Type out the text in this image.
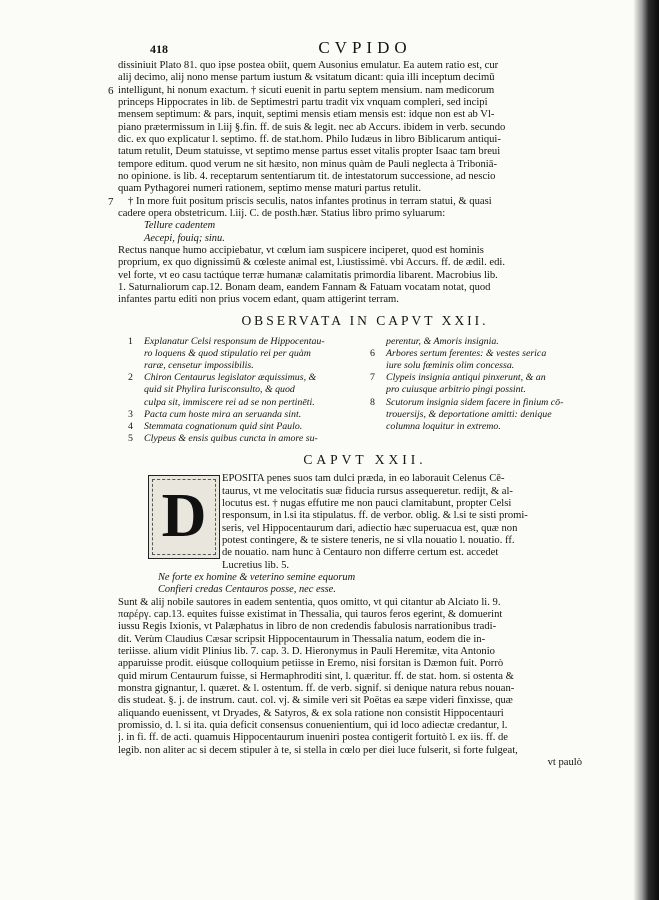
418	CVPIDO
6
dissiniuit Plato 81. quo ipse postea obiit, quem Ausonius emulatur. Ea autem ratio est, cur
alij decimo, alij nono mense partum iustum & vsitatum dicant: quia illi inceptum decimū
intelligunt, hi nonum exactum. † sicuti euenit in partu septem mensium. nam medicorum
princeps Hippocrates in lib. de Septimestri partu tradit vix vnquam compleri, sed incipi
mensem septimum: & pars, inquit, septimi mensis etiam mensis est: idque non est ab Vl-
piano prætermissum in l.iij §.fin. ff. de suis & legit. nec ab Accurs. ibidem in verb. secundo
dic. ex quo explicatur l. septimo. ff. de stat.hom. Philo Iudæus in libro Biblicarum antiqui-
tatum retulit, Deum statuisse, vt septimo mense partus esset vitalis propter Isaac tam breui
tempore editum. quod verum ne sit hæsito, non minus quàm de Pauli neglecta à Triboniā-
no opinione. is lib. 4. receptarum sententiarum tit. de intestatorum successione, ad nescio
quam Pythagorei numeri rationem, septimo mense maturi partus retulit.
7	† In more fuit positum priscis seculis, natos infantes protinus in terram statui, & quasi
cadere opera obstetricum. l.iij. C. de posth.hær. Statius libro primo syluarum:
Tellure cadentem
Aecepi, fouiq; sinu.
Rectus nanque humo accipiebatur, vt cœlum iam suspicere inciperet, quod est hominis
proprium, ex quo dignissimū & cœleste animal est, l.iustissimè. vbi Accurs. ff. de ædil. edi.
vel forte, vt eo casu tactúque terræ humanæ calamitatis primordia libarent. Macrobius lib.
1. Saturnaliorum cap.12. Bonam deam, eandem Fannam & Fatuam vocatam notat, quod
infantes partu editi non prius vocem edant, quam attigerint terram.
OBSERVATA IN CAPVT XXII.
1	Explanatur Celsi responsum de Hippocentau-
ro loquens & quod stipulatio rei per quàm
raræ, censetur impossibilis.
2	Chiron Centaurus legislator æquissimus, &
quid sit Phylira Iurisconsulto, & quod
culpa sit, immiscere rei ad se non pertinēti.
3	Pacta cum hoste mira an seruanda sint.
4	Stemmata cognationum quid sint Paulo.
5	Clypeus & ensis quibus cuncta in amore su-
perentur, & Amoris insignia.
6	Arbores sertum ferentes: & vestes serica
iure solu fœminis olim concessa.
7	Clypeis insignia antiqui pinxerunt, & an
pro cuiusque arbitrio pingi possint.
8	Scutorum insignia sidem facere in finium cō-
trouersijs, & deportatione amitti: denique
columna loquitur in extremo.
CAPVT XXII.
D
EPOSITA penes suos tam dulci præda, in eo laborauit Celenus Cē-
taurus, vt me velocitatis suæ fiducia rursus assequeretur. redijt, & al-
locutus est. † nugas effutire me non pauci clamitabunt, propter Celsi
responsum, in l.si ita stipulatus. ff. de verbor. oblig. & l.si te sisti promi-
seris, vel Hippocentaurum dari, adiectio hæc superuacua est, quæ non
potest contingere, & te sistere teneris, ne si vlla nouatio l. nouatio. ff.
de nouatio. nam hunc à Centauro non differre certum est. accedet
Lucretius lib. 5.
Ne forte ex homine & veterino semine equorum
Confieri credas Centauros posse, nec esse.
Sunt & alij nobile sautores in eadem sententia, quos omitto, vt qui citantur ab Alciato li. 9.
παρέργ. cap.13. equites fuisse existimat in Thessalia, qui tauros feros egerint, & domuerint
iussu Regis Ixionis, vt Palæphatus in libro de non credendis fabulosis narrationibus tradi-
dit. Verùm Claudius Cæsar scripsit Hippocentaurum in Thessalia natum, eodem die in-
teriisse. alium vidit Plinius lib. 7. cap. 3. D. Hieronymus in Pauli Heremitæ, vita Antonio
apparuisse prodit. eiúsque colloquium petiisse in Eremo, nisi forsitan is Dæmon fuit. Porrò
quid mirum Centaurum fuisse, si Hermaphroditi sint, l. quæritur. ff. de stat. hom. si ostenta &
monstra gignantur, l. quæret. & l. ostentum. ff. de verb. signif. si denique natura rebus nouan-
dis studeat. §. j. de instrum. caut. col. vj. & simile veri sit Poëtas ea sæpe videri finxisse, quæ
aliquando euenissent, vt Dryades, & Satyros, & ex sola ratione non consistit Hippocentauri
promissio, d. l. si ita. quia deficit consensus conuenientium, qui id loco adiectæ credantur, l.
j. in fi. ff. de acti. quamuis Hippocentaurum inueniri postea contigerit fortuitò l. ex iis. ff. de
legib. non aliter ac si decem stipuler à te, si stella in cœlo per diei luce fulserit, si forte fulgeat,
vt paulò
